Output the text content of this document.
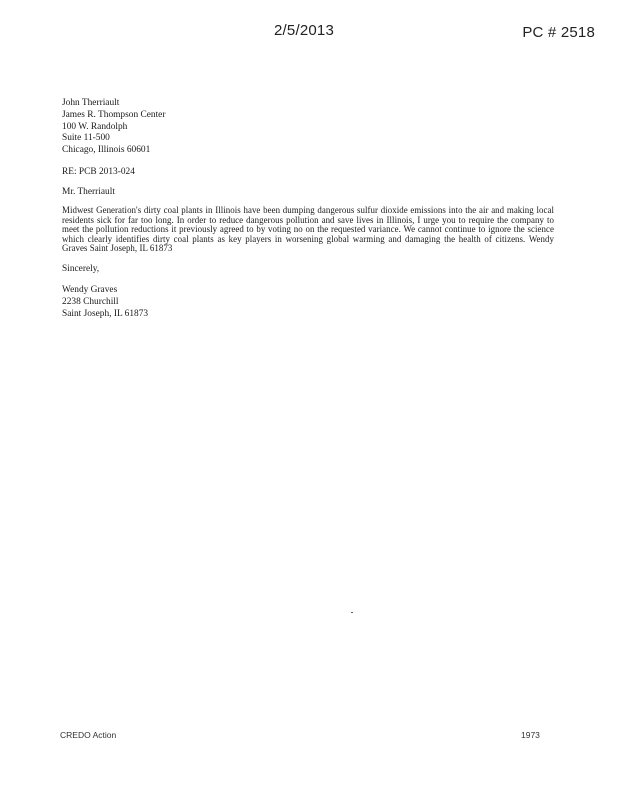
2/5/2013	PC # 2518
John Therriault
James R. Thompson Center
100 W. Randolph
Suite 11-500
Chicago, Illinois 60601
RE: PCB 2013-024
Mr. Therriault
Midwest Generation's dirty coal plants in Illinois have been dumping dangerous sulfur dioxide emissions into the air and making local residents sick for far too long. In order to reduce dangerous pollution and save lives in Illinois, I urge you to require the company to meet the pollution reductions it previously agreed to by voting no on the requested variance. We cannot continue to ignore the science which clearly identifies dirty coal plants as key players in worsening global warming and damaging the health of citizens. Wendy Graves Saint Joseph, IL 61873
Sincerely,
Wendy Graves
2238 Churchill
Saint Joseph, IL 61873
CREDO Action	1973
